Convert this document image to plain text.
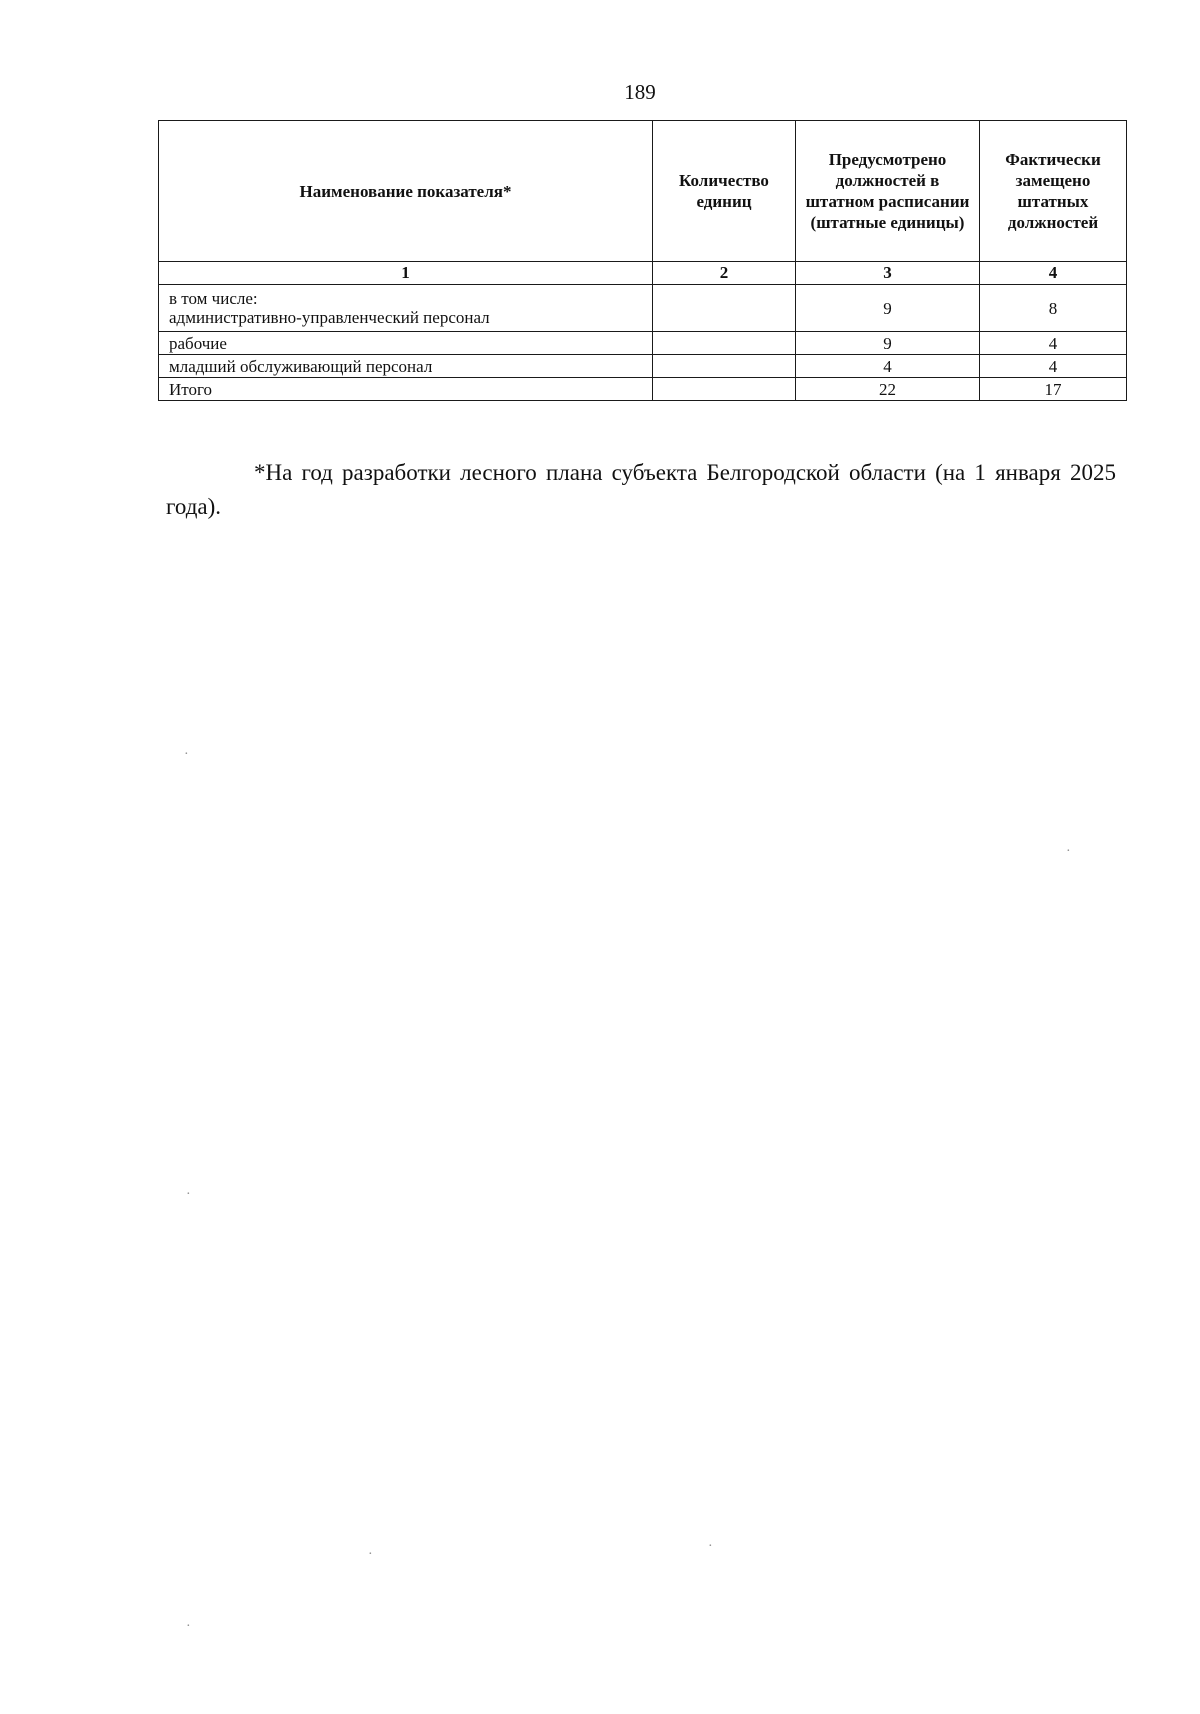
189
Наименование показателя*	Количество единиц	Предусмотрено должностей в штатном расписании (штатные единицы)	Фактически замещено штатных должностей
1	2	3	4

в том числе:
административно-управленческий персонал		9	8
рабочие		9	4
младший обслуживающий персонал		4	4
Итого		22	17
*На год разработки лесного плана субъекта Белгородской области (на 1 января 2025 года).
·
·
·
·
·
·
